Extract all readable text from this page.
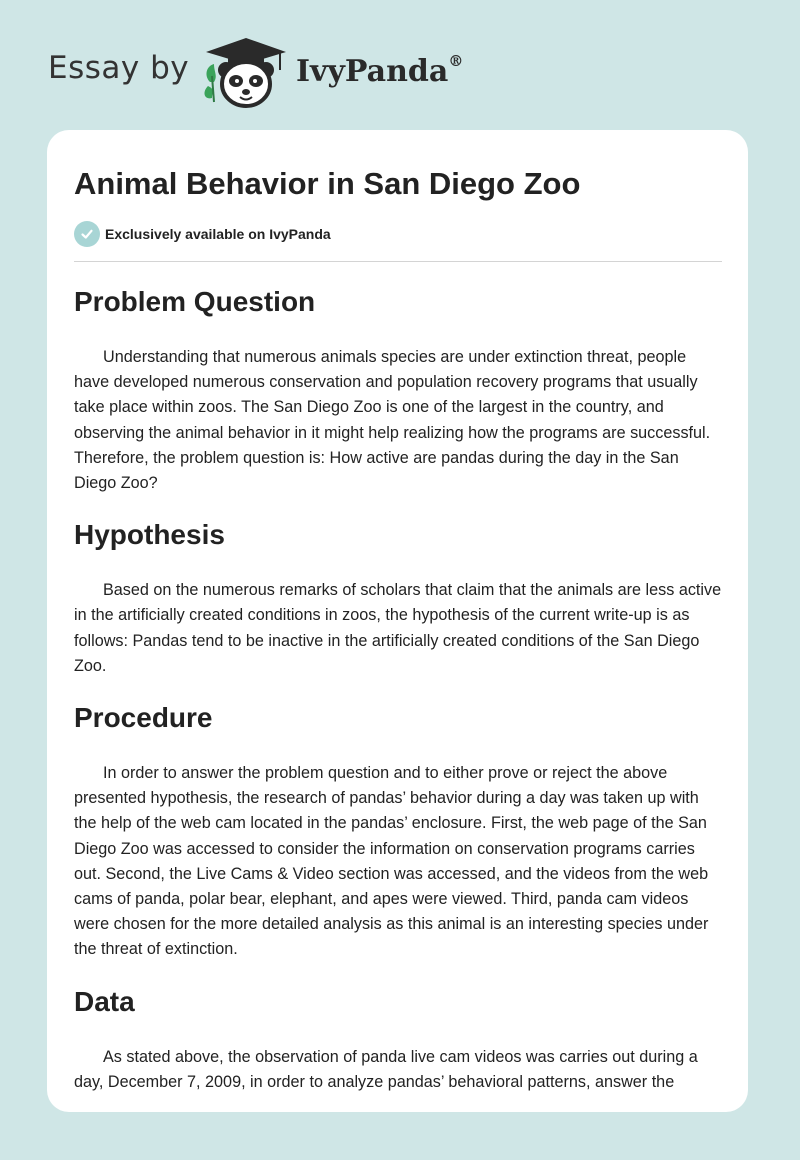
Essay by	IvyPanda®
Animal Behavior in San Diego Zoo
Exclusively available on IvyPanda
Problem Question

Understanding that numerous animals species are under extinction threat, people have developed numerous conservation and population recovery programs that usually take place within zoos. The San Diego Zoo is one of the largest in the country, and observing the animal behavior in it might help realizing how the programs are successful. Therefore, the problem question is: How active are pandas during the day in the San Diego Zoo?

Hypothesis

Based on the numerous remarks of scholars that claim that the animals are less active in the artificially created conditions in zoos, the hypothesis of the current write-up is as follows: Pandas tend to be inactive in the artificially created conditions of the San Diego Zoo.

Procedure

In order to answer the problem question and to either prove or reject the above presented hypothesis, the research of pandas’ behavior during a day was taken up with the help of the web cam located in the pandas’ enclosure. First, the web page of the San Diego Zoo was accessed to consider the information on conservation programs carries out. Second, the Live Cams & Video section was accessed, and the videos from the web cams of panda, polar bear, elephant, and apes were viewed. Third, panda cam videos were chosen for the more detailed analysis as this animal is an interesting species under the threat of extinction.

Data

As stated above, the observation of panda live cam videos was carries out during a day, December 7, 2009, in order to analyze pandas’ behavioral patterns, answer the
